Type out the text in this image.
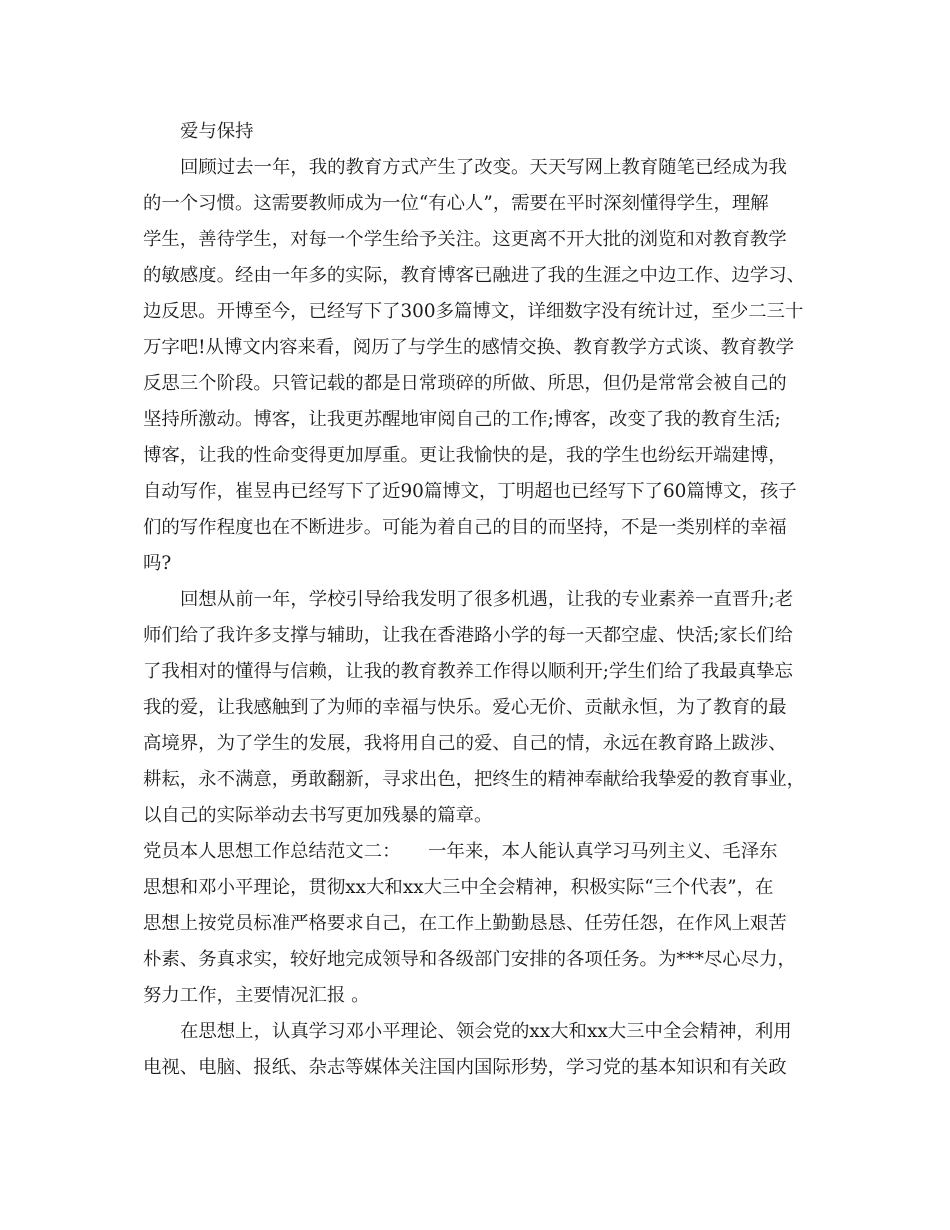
爱与保持

回顾过去一年，我的教育方式产生了改变。天天写网上教育随笔已经成为我

的一个习惯。这需要教师成为一位“有心人”，需要在平时深刻懂得学生，理解

学生，善待学生，对每一个学生给予关注。这更离不开大批的浏览和对教育教学

的敏感度。经由一年多的实际，教育博客已融进了我的生涯之中边工作、边学习、

边反思。开博至今，已经写下了300多篇博文，详细数字没有统计过，至少二三十

万字吧!从博文内容来看，阅历了与学生的感情交换、教育教学方式谈、教育教学

反思三个阶段。只管记载的都是日常琐碎的所做、所思，但仍是常常会被自己的

坚持所激动。博客，让我更苏醒地审阅自己的工作;博客，改变了我的教育生活;

博客，让我的性命变得更加厚重。更让我愉快的是，我的学生也纷纭开端建博，

自动写作，崔昱冉已经写下了近90篇博文，丁明超也已经写下了60篇博文，孩子

们的写作程度也在不断进步。可能为着自己的目的而坚持，不是一类别样的幸福

吗?

回想从前一年，学校引导给我发明了很多机遇，让我的专业素养一直晋升;老

师们给了我许多支撑与辅助，让我在香港路小学的每一天都空虚、快活;家长们给

了我相对的懂得与信赖，让我的教育教养工作得以顺利开;学生们给了我最真挚忘

我的爱，让我感触到了为师的幸福与快乐。爱心无价、贡献永恒，为了教育的最

高境界，为了学生的发展，我将用自己的爱、自己的情，永远在教育路上跋涉、

耕耘，永不满意，勇敢翻新，寻求出色，把终生的精神奉献给我挚爱的教育事业，

以自己的实际举动去书写更加残暴的篇章。

党员本人思想工作总结范文二：　　一年来，本人能认真学习马列主义、毛泽东

思想和邓小平理论，贯彻xx大和xx大三中全会精神，积极实际“三个代表”，在

思想上按党员标准严格要求自己，在工作上勤勤恳恳、任劳任怨，在作风上艰苦

朴素、务真求实，较好地完成领导和各级部门安排的各项任务。为***尽心尽力，

努力工作，主要情况汇报 。

在思想上，认真学习邓小平理论、领会党的xx大和xx大三中全会精神，利用

电视、电脑、报纸、杂志等媒体关注国内国际形势，学习党的基本知识和有关政
